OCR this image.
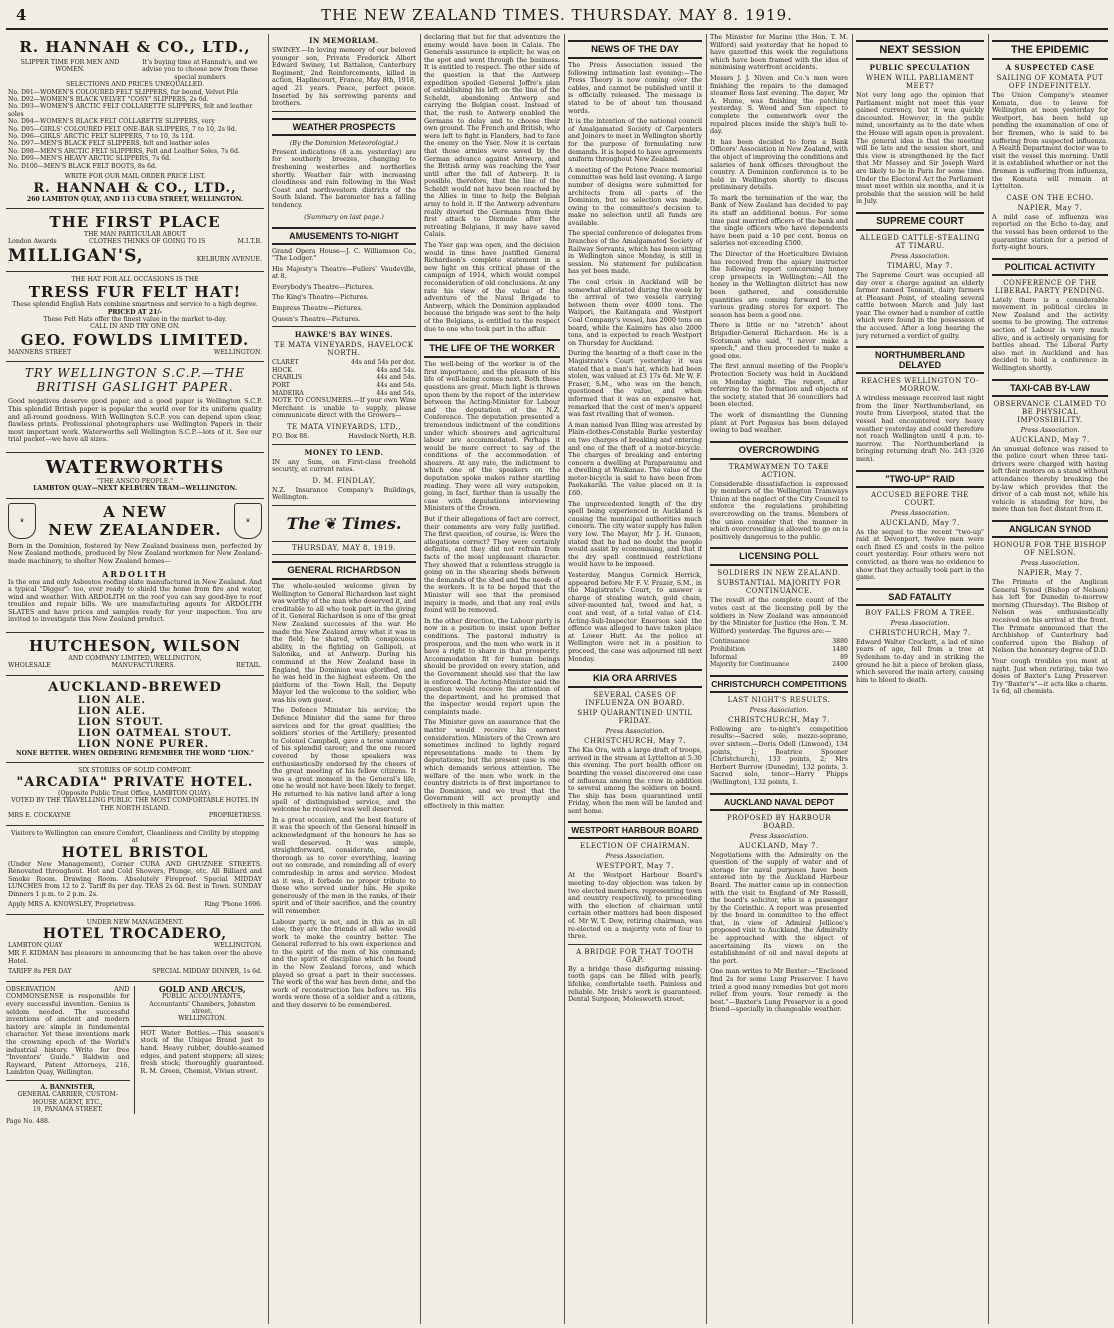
4	THE NEW ZEALAND TIMES. THURSDAY. MAY 8. 1919.
R. HANNAH & CO., LTD.,
SLIPPER TIME FOR MEN AND WOMEN.
It's buying time at Hannah's, and we advise you to choose now from these special numbers
SELECTIONS AND PRICES UNEQUALLED.
No. D91—WOMEN'S COLOURED FELT SLIPPERS, fur bound, Velvet Pile
No. D92—WOMEN'S BLACK VELVET "COSY" SLIPPERS, 2s 6d.
No. D93—WOMEN'S ARCTIC FELT COLLARETTE SLIPPERS, felt and leather soles
No. D94—WOMEN'S BLACK FELT COLLARETTE SLIPPERS, very
No. D95—GIRLS' COLOURED FELT ONE-BAR SLIPPERS, 7 to 10, 2s 9d.
No. D96—GIRLS' ARCTIC FELT SLIPPERS, 7 to 10, 3s 11d.
No. D97—MEN'S BLACK FELT SLIPPERS, felt and leather soles
No. D98—MEN'S ARCTIC FELT SLIPPERS, Felt and Leather Soles, 7s 6d.
No. D99—MEN'S HEAVY ARCTIC SLIPPERS, 7s 6d.
No. D100—MEN'S BLACK FELT BOOTS, 8s 6d.
WRITE FOR OUR MAIL ORDER PRICE LIST.
R. HANNAH & CO., LTD.,
260 LAMBTON QUAY, AND 113 CUBA STREET, WELLINGTON.
THE FIRST PLACE
THE MAN PARTICULAR ABOUT
London Awards	CLOTHES THINKS OF GOING TO IS	M.I.T.B.
MILLIGAN'S,	KELBURN AVENUE.
THE HAT FOR ALL OCCASIONS IS THE
TRESS FUR FELT HAT!
These splendid English Hats combine smartness and service to a high degree.
PRICED AT 21/-
These Felt Hats offer the finest value in the market to-day.
CALL IN AND TRY ONE ON.
GEO. FOWLDS LIMITED.
MANNERS STREET	WELLINGTON.
TRY WELLINGTON S.C.P.—THE BRITISH GASLIGHT PAPER.
Good negatives deserve good paper, and a good paper is Wellington S.C.P. This splendid British paper is popular the world over for its uniform quality and all-round goodness. With Wellington S.C.P. you can depend upon clear, flawless prints. Professional photographers use Wellington Papers in their most important work. Waterworths sell Wellington S.C.P.—lots of it. See our trial packet—we have all sizes.
WATERWORTHS
"THE ANSCO PEOPLE."
LAMBTON QUAY—NEXT KELBURN TRAM—WELLINGTON.
♛	A NEW
NEW ZEALANDER.	♛
Born in the Dominion, fostered by New Zealand business men, perfected by New Zealand methods, produced by New Zealand workmen for New Zealand-made machinery, to shelter New Zealand homes—
ARDOLITH
Is the one and only Asbestos roofing slate manufactured in New Zealand. And a typical "Digger": too, ever ready to shield the home from fire and water, wind and weather. With ARDOLITH on the roof you can say good-bye to roof troubles and repair bills. We are manufacturing agents for ARDOLITH SLATES and have prices and samples ready for your inspection. You are invited to investigate this New Zealand product.
HUTCHESON, WILSON
AND COMPANY LIMITED, WELLINGTON,
WHOLESALE	MANUFACTURERS.	RETAIL.
AUCKLAND-BREWED
LION ALE.
LION ALE.
LION STOUT.
LION OATMEAL STOUT.
LION NONE PURER.
NONE BETTER. WHEN ORDERING REMEMBER THE WORD "LION."
SIX STORIES OF SOLID COMFORT.
"ARCADIA" PRIVATE HOTEL.
(Opposite Public Trust Office, LAMBTON QUAY).
VOTED BY THE TRAVELLING PUBLIC THE MOST COMFORTABLE HOTEL IN THE NORTH ISLAND.
MRS E. COCKAYNE	PROPRIETRESS.
Visitors to Wellington can ensure Comfort, Cleanliness and Civility by stopping at
HOTEL BRISTOL
(Under New Management), Corner CUBA AND GHUZNEE STREETS. Renovated throughout. Hot and Cold Showers, Plunge, etc. All Billiard and Smoke Room. Drawing Room. Absolutely Fireproof. Special MIDDAY LUNCHES from 12 to 2. Tariff 8s per day. TEAS 2s 6d. Best in Town. SUNDAY Dinners 1 p.m. to 2 p.m. 2s.
Apply MRS A. KNOWSLEY, Proprietress.	Ring 'Phone 1696.
UNDER NEW MANAGEMENT.
HOTEL TROCADERO,
LAMBTON QUAY	WELLINGTON.
MR F. KIDMAN has pleasure in announcing that he has taken over the above Hotel.
TARIFF 8s PER DAY	SPECIAL MIDDAY DINNER, 1s 6d.
OBSERVATION AND COMMONSENSE is responsible for every successful invention. Genius is seldom needed. The successful inventions of ancient and modern history are simple in fundamental character. Yet these inventions mark the crowning epoch of the World's industrial history. Write for free "Inventors' Guide." Baldwin and Rayward, Patent Attorneys, 216, Lambton Quay, Wellington.
A. BANNISTER,
GENERAL CARRIER, CUSTOM-HOUSE AGENT, ETC.,
19, PANAMA STREET.
GOLD AND ARCUS,
PUBLIC ACCOUNTANTS,
Accountants' Chambers, Johnston street,
WELLINGTON.
HOT Water Bottles.—This season's stock of the Unique Brand just to hand. Heavy rubber, double-seamed edges, and patent stoppers; all sizes; fresh stock; thoroughly guaranteed. R. M. Green, Chemist, Vivian street.
Page No. 488.
IN MEMORIAM.
SWINEY.—In loving memory of our beloved younger son, Private Frederick Albert Edward Swiney, 1st Battalion, Canterbury Regiment, 2nd Reinforcements, killed in action, Haplincourt, France, May 8th, 1918, aged 21 years. Peace, perfect peace. Inserted by his sorrowing parents and brothers.
WEATHER PROSPECTS
(By the Dominion Meteorologist.)
Present indications (8 a.m. yesterday) are for southerly breezes, changing to freshening westerlies and northerlies shortly. Weather fair with increasing cloudiness and rain following in the West Coast and northwestern districts of the South Island. The barometer has a falling tendency.
(Summary on last page.)
AMUSEMENTS TO-NIGHT
Grand Opera House—J. C. Williamson Co., "The Lodger."
His Majesty's Theatre—Fullers' Vaudeville, at 8.
Everybody's Theatre—Pictures.
The King's Theatre—Pictures.
Empress Theatre—Pictures.
Queen's Theatre—Pictures.
HAWKE'S BAY WINES.
TE MATA VINEYARDS, HAVELOCK NORTH.
CLARET	44s and 54s per doz.
HOCK	44s and 54s.
CHABLIS	44s and 54s.
PORT	44s and 54s.
MADEIRA	44s and 54s.
NOTE TO CONSUMERS.—If your own Wine Merchant is unable to supply, please communicate direct with the Growers—
TE MATA VINEYARDS, LTD.,
P.O. Box 88.	Havelock North, H.B.
MONEY TO LEND.
IN any Sum, on First-class freehold security, at current rates.
D. M. FINDLAY,
N.Z. Insurance Company's Buildings, Wellington.
The ❦ Times.
THURSDAY, MAY 8, 1919.
GENERAL RICHARDSON
The whole-souled welcome given by Wellington to General Richardson last night was worthy of the man who deserved it, and creditable to all who took part in the giving of it. General Richardson is one of the great New Zealand successes of the war. He made the New Zealand army what it was in the field; he shared, with conspicuous ability, in the fighting on Gallipoli, at Salonika, and at Antwerp. During his command at the New Zealand base in England, the Dominion was glorified, and he was held in the highest esteem. On the platform of the Town Hall, the Deputy Mayor led the welcome to the soldier, who was his own guest.
The Defence Minister his service; the Defence Minister did the same for three services and for the great qualities; the soldiers' stories of the Artillery; presented to Colonel Campbell, gave a terse summary of his splendid career; and the one record covered by those speakers was enthusiastically endorsed by the cheers of the great meeting of his fellow citizens. It was a great moment in the General's life, one he would not have been likely to forget. He returned to his native land after a long spell of distinguished service, and the welcome he received was well deserved.
In a great occasion, and the best feature of it was the speech of the General himself in acknowledgment of the honours he has so well deserved. It was simple, straightforward, considerate, and so thorough as to cover everything, leaving out no comrade, and reminding all of every comradeship in arms and service. Modest as it was, it forbade no proper tribute to those who served under him. He spoke generously of the men in the ranks, of their spirit and of their sacrifice, and the country will remember.
Labour party, is not, and in this as in all else, they are the friends of all who would work to make the country better. The General referred to his own experience and to the spirit of the men of his command; and the spirit of discipline which he found in the New Zealand forces, and which played so great a part in their successes. The work of the war has been done, and the work of reconstruction lies before us. His words were those of a soldier and a citizen, and they deserve to be remembered.
declaring that but for that adventure the enemy would have been in Calais. The Generals assurance is explicit; he was on the spot and went through the business. It is entitled to respect. The other side of the question is that the Antwerp expedition spoiled General Joffre's plan of establishing his left on the line of the Scheldt, abandoning Antwerp and carrying the Belgian coast. Instead of that, the rush to Antwerp enabled the Germans to delay and to choose their own ground. The French and British, who were left to fight in Flanders, had to face the enemy on the Yser. Now it is certain that those armies were saved by the German advance against Antwerp, and the British army was reaching the Yser until after the fall of Antwerp. It is possible, therefore, that the line of the Scheldt would not have been reached by the Allies in time to help the Belgian army to hold it. If the Antwerp adventure really diverted the Germans from their first attack to Dixmude after the retreating Belgians, it may have saved Calais.
The Yser gap was open, and the decision would in time have justified General Richardson's complete statement in a new light on this critical phase of the campaign of 1914, which would compel reconsideration of old conclusions. At any rate his view of the value of the adventure of the Naval Brigade to Antwerp, which the Dominion applauded because the brigade was sent to the help of the Belgians, is entitled to the respect due to one who took part in the affair.
THE LIFE OF THE WORKER
The well-being of the worker is of the first importance, and the pleasure of his life of well-being comes next. Both these questions are great. Much light is thrown upon them by the report of the interview between the Acting-Minister for Labour and the deputation of the N.Z. Conference. The deputation presented a tremendous indictment of the conditions under which shearers and agricultural labour are accommodated. Perhaps it would be more correct to say of the conditions of the accommodation of shearers. At any rate, the indictment to which one of the speakers on the deputation spoke makes rather startling reading. They were all very outspoken, going, in fact, farther than is usually the case with deputations interviewing Ministers of the Crown.
But if their allegations of fact are correct, their comments are very fully justified. The first question, of course, is: Were the allegations correct? They were certainly definite, and they did not refrain from facts of the most unpleasant character. They showed that a relentless struggle is going on in the shearing sheds between the demands of the shed and the needs of the workers. It is to be hoped that the Minister will see that the promised inquiry is made, and that any real evils found will be removed.
In the other direction, the Labour party is now in a position to insist upon better conditions. The pastoral industry is prosperous, and the men who work in it have a right to share in that prosperity. Accommodation fit for human beings should be provided on every station, and the Government should see that the law is enforced. The Acting-Minister said the question would receive the attention of the department, and he promised that the inspector would report upon the complaints made.
The Minister gave an assurance that the matter would receive his earnest consideration. Ministers of the Crown are sometimes inclined to lightly regard representations made to them by deputations; but the present case is one which demands serious attention. The welfare of the men who work in the country districts is of first importance to the Dominion, and we trust that the Government will act promptly and effectively in this matter.
NEWS OF THE DAY
The Press Association issued the following intimation last evening:—The Press Theory is now coming over the cables, and cannot be published until it is officially released. The message is stated to be of about ten thousand words.
It is the intention of the national council of Amalgamated Society of Carpenters and Joiners to meet in Wellington shortly for the purpose of formulating new demands. It is hoped to have agreements uniform throughout New Zealand.
A meeting of the Petone Peace memorial committee was held last evening. A large number of designs were submitted for architects from all parts of the Dominion, but no selection was made, owing to the committee's decision to make no selection until all funds are available.
The special conference of delegates from branches of the Amalgamated Society of Railway Servants, which has been sitting in Wellington since Monday, is still in session. No statement for publication has yet been made.
The coal crisis in Auckland will be somewhat alleviated during the week by the arrival of two vessels carrying between them over 4000 tons. The Waipori, the Kaitangata and Westport Coal Company's vessel, has 2000 tons on board, while the Kaimiro has also 2000 tons, and is expected to reach Westport on Thursday for Auckland.
During the hearing of a theft case in the Magistrate's Court yesterday it was stated that a man's hat, which had been stolen, was valued at £3 17s 6d. Mr W. F. Fraser, S.M., who was on the bench, questioned the value, and when informed that it was an expensive hat, remarked that the cost of men's apparel was fast rivalling that of women.
A man named Ivan Illing was arrested by Plain-clothes-Constable Burke yesterday on two charges of breaking and entering and one of the theft of a motor-bicycle. The charges of breaking and entering concern a dwelling at Paraparaumu and a dwelling at Waikanae. The value of the motor-bicycle is said to have been from Paekakariki. The value placed on it is £60.
The unprecedented length of the dry spell being experienced in Auckland is causing the municipal authorities much concern. The city water supply has fallen very low. The Mayor, Mr J. H. Gunson, stated that he had no doubt the people would assist by economising, and that if the dry spell continued restrictions would have to be imposed.
Yesterday, Mangus Cormick Herrick, appeared before Mr F. V. Frazer, S.M., in the Magistrate's Court, to answer a charge of stealing watch, gold chain, silver-mounted hat, tweed and hat, a coat and vest, of a total value of £14. Acting-Sub-Inspector Emerson said the offence was alleged to have taken place at Lower Hutt. As the police at Wellington were not in a position to proceed, the case was adjourned till next Monday.
KIA ORA ARRIVES
SEVERAL CASES OF INFLUENZA ON BOARD.
SHIP QUARANTINED UNTIL FRIDAY.
Press Association.
CHRISTCHURCH, May 7.
The Kia Ora, with a large draft of troops, arrived in the stream at Lyttelton at 5.30 this evening. The port health officer on boarding the vessel discovered one case of influenza among the crew in addition to several among the soldiers on board. The ship has been quarantined until Friday, when the men will be landed and sent home.
WESTPORT HARBOUR BOARD
ELECTION OF CHAIRMAN.
Press Association.
WESTPORT, May 7.
At the Westport Harbour Board's meeting to-day objection was taken by two elected members, representing town and country respectively, to proceeding with the election of chairman until certain other matters had been disposed of. Mr W. T. Dew, retiring chairman, was re-elected on a majority vote of four to three.
A BRIDGE FOR THAT TOOTH GAP.
By a bridge those disfiguring missing-tooth gaps can be filled with pearly, lifelike, comfortable teeth. Painless and reliable. Mr. Irish's work is guaranteed. Dental Surgeon, Molesworth street.
The Minister for Marine (the Hon. T. M. Wilford) said yesterday that he hoped to have gazetted this week the regulations which have been framed with the idea of minimising waterfront accidents.
Messrs J. J. Niven and Co.'s men were finishing the repairs to the damaged steamer Ross last evening. The dayer, Mr A. Hume, was finishing the patching yesterday. S. Wood and Son expect to complete the cementwork over the repaired places inside the ship's hull to-day.
It has been decided to form a Bank Officers' Association in New Zealand, with the object of improving the conditions and salaries of bank officers throughout the country. A Dominion conference is to be held in Wellington shortly to discuss preliminary details.
To mark the termination of the war, the Bank of New Zealand has decided to pay its staff an additional bonus. For some time past married officers of the bank and the single officers who have dependents have been paid a 10 per cent. bonus on salaries not exceeding £500.
The Director of the Horticulture Division has received from the apiary instructor the following report concerning honey crop prospects in Wellington:—All the honey in the Wellington district has now been gathered, and considerable quantities are coming forward to the various grading stores for export. The season has been a good one.
There is little or no "stretch" about Brigadier-General Richardson. He is a Scotsman who said, "I never make a speech," and then proceeded to make a good one.
The first annual meeting of the People's Protection Society was held in Auckland on Monday night. The report, after referring to the formation and objects of the society, stated that 36 councillors had been elected.
The work of dismantling the Gunning plant at Port Pegasus has been delayed owing to bad weather.
OVERCROWDING
TRAMWAYMEN TO TAKE ACTION.
Considerable dissatisfaction is expressed by members of the Wellington Tramways Union at the neglect of the City Council to enforce the regulations prohibiting overcrowding on the trams. Members of the union consider that the manner in which overcrowding is allowed to go on is positively dangerous to the public.
LICENSING POLL
SOLDIERS IN NEW ZEALAND.
SUBSTANTIAL MAJORITY FOR CONTINUANCE.
The result of the complete count of the votes cast at the licensing poll by the soldiers in New Zealand was announced by the Minister for Justice (the Hon. T. M. Wilford) yesterday. The figures are:—
Continuance	3880
Prohibition	1480
Informal	89
Majority for Continuance	2400
CHRISTCHURCH COMPETITIONS
LAST NIGHT'S RESULTS.
Press Association.
CHRISTCHURCH, May 7.
Following are to-night's competition results:—Sacred solo, mezzo-soprano, over sixteen.—Doris Odell (Linwood), 134 points, 1; Beatrice Spooner (Christchurch), 133 points, 2; Mrs Herbert Burrow (Dunedin), 132 points, 3. Sacred solo, tenor—Harry Phipps (Wellington), 132 points, 1.
AUCKLAND NAVAL DEPOT
PROPOSED BY HARBOUR BOARD.
Press Association.
AUCKLAND, May 7.
Negotiations with the Admiralty on the question of the supply of water and of storage for naval purposes have been entered into by the Auckland Harbour Board. The matter came up in connection with the visit to England of Mr Russell, the board's solicitor, who is a passenger by the Corinthic. A report was presented by the board in committee to the effect that, in view of Admiral Jellicoe's proposed visit to Auckland, the Admiralty be approached with the object of ascertaining its views on the establishment of oil and naval depots at the port.
One man writes to Mr Baxter:—"Enclosed find 2s for some Lung Preserver. I have tried a good many remedies but got more relief from yours. Your remedy is the best."—Baxter's Lung Preserver is a good friend—specially in changeable weather.
NEXT SESSION
PUBLIC SPECULATION
WHEN WILL PARLIAMENT MEET?
Not very long ago the opinion that Parliament might not meet this year gained currency, but it was quickly discounted. However, in the public mind, uncertainty as to the date when the House will again open is prevalent. The general idea is that the meeting will be late and the session short, and this view is strengthened by the fact that Mr Massey and Sir Joseph Ward are likely to be in Paris for some time. Under the Electoral Act the Parliament must meet within six months, and it is probable that the session will be held in July.
SUPREME COURT
ALLEGED CATTLE-STEALING AT TIMARU.
Press Association.
TIMARU, May 7.
The Supreme Court was occupied all day over a charge against an elderly farmer named Tennant, dairy farmers at Pleasant Point, of stealing several cattle between March and July last year. The owner had a number of cattle which were found in the possession of the accused. After a long hearing the jury returned a verdict of guilty.
NORTHUMBERLAND DELAYED
REACHES WELLINGTON TO-MORROW.
A wireless message received last night from the liner Northumberland, en route from Liverpool, stated that the vessel had encountered very heavy weather yesterday and could therefore not reach Wellington until 4 p.m. to-morrow. The Northumberland is bringing returning draft No. 243 (326 men).
"TWO-UP" RAID
ACCUSED BEFORE THE COURT.
Press Association.
AUCKLAND, May 7.
As the sequel to the recent "two-up" raid at Devonport, twelve men were each fined £5 and costs in the police court yesterday. Four others were not convicted, as there was no evidence to show that they actually took part in the game.
SAD FATALITY
BOY FALLS FROM A TREE.
Press Association.
CHRISTCHURCH, May 7.
Edward Walter Crockett, a lad of nine years of age, fell from a tree at Sydenham to-day and in striking the ground he hit a piece of broken glass, which severed the main artery, causing him to bleed to death.
THE EPIDEMIC
A SUSPECTED CASE
SAILING OF KOMATA PUT OFF INDEFINITELY.
The Union Company's steamer Komata, due to leave for Wellington at noon yesterday for Westport, has been held up pending the examination of one of her firemen, who is said to be suffering from suspected influenza. A Health Department doctor was to visit the vessel this morning. Until it is established whether or not the fireman is suffering from influenza, the Komata will remain at Lyttelton.
CASE ON THE ECHO.
NAPIER, May 7.
A mild case of influenza was reported on the Echo to-day, and the vessel has been ordered to the quarantine station for a period of forty-eight hours.
POLITICAL ACTIVITY
CONFERENCE OF THE LIBERAL PARTY PENDING.
Lately there is a considerable movement in political circles in New Zealand and the activity seems to be growing. The extreme section of Labour is very much alive, and is actively organising for battles ahead. The Liberal Party also met in Auckland and has decided to hold a conference in Wellington shortly.
TAXI-CAB BY-LAW
OBSERVANCE CLAIMED TO BE PHYSICAL IMPOSSIBILITY.
Press Association.
AUCKLAND, May 7.
An unusual defence was raised to the police court when three taxi-drivers were charged with having left their motors on a stand without attendance thereby breaking the by-law which provides that the driver of a cab must not, while his vehicle is standing for hire, be more than ten feet distant from it.
ANGLICAN SYNOD
HONOUR FOR THE BISHOP OF NELSON.
Press Association.
NAPIER, May 7.
The Primate of the Anglican General Synod (Bishop of Nelson) has left for Dunedin to-morrow morning (Thursday). The Bishop of Nelson was enthusiastically received on his arrival at the front. The Primate announced that the Archbishop of Canterbury had conferred upon the Bishop of Nelson the honorary degree of D.D.
Your cough troubles you most at night. Just when retiring, take two doses of Baxter's Lung Preserver. Try "Baxter's"—it acts like a charm. 1s 6d, all chemists.
